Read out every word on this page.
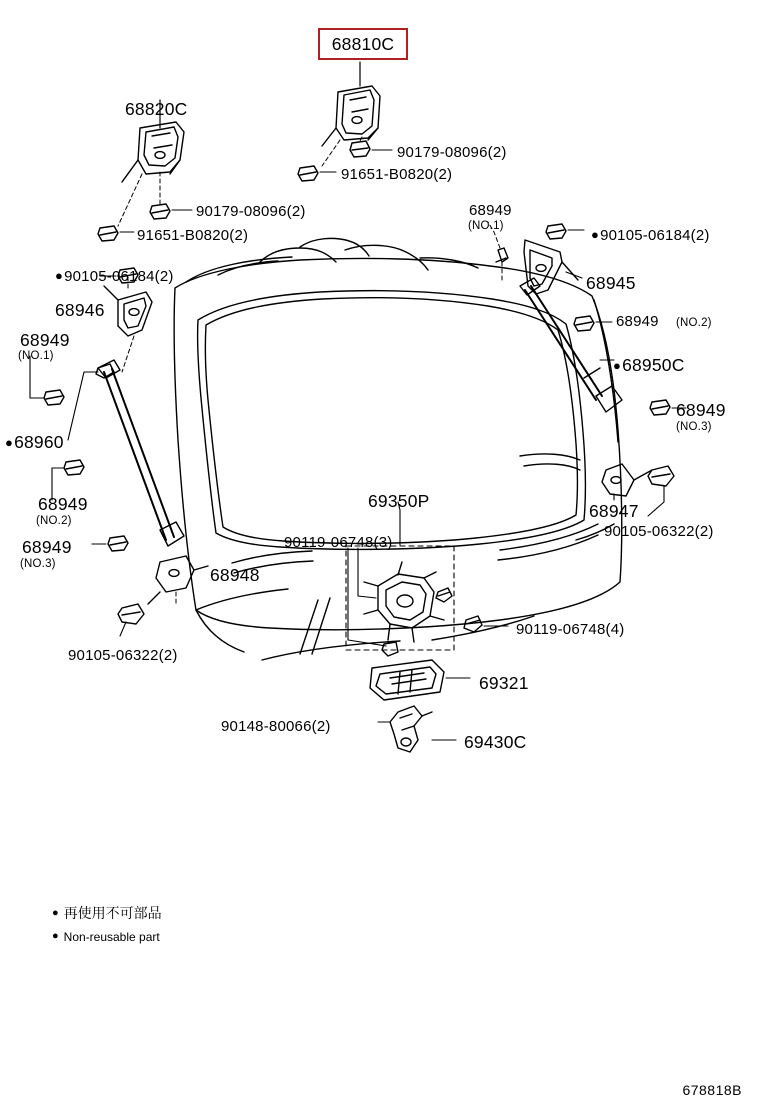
68810C
68820C
90179-08096(2)
91651-B0820(2)
90179-08096(2)
91651-B0820(2)
68949
(NO.1)
●90105-06184(2)
●90105-06184(2)	68945
68946
68949 (NO.2)
68949
(NO.1)
●68950C
68949
(NO.3)
●68960
69350P
68949
(NO.2)	68947
90105-06322(2)
90119-06748(3)
68949
(NO.3)
68948
90119-06748(4)
90105-06322(2)
69321
90148-80066(2)
69430C
● 再使用不可部品
● Non-reusable part
678818B
